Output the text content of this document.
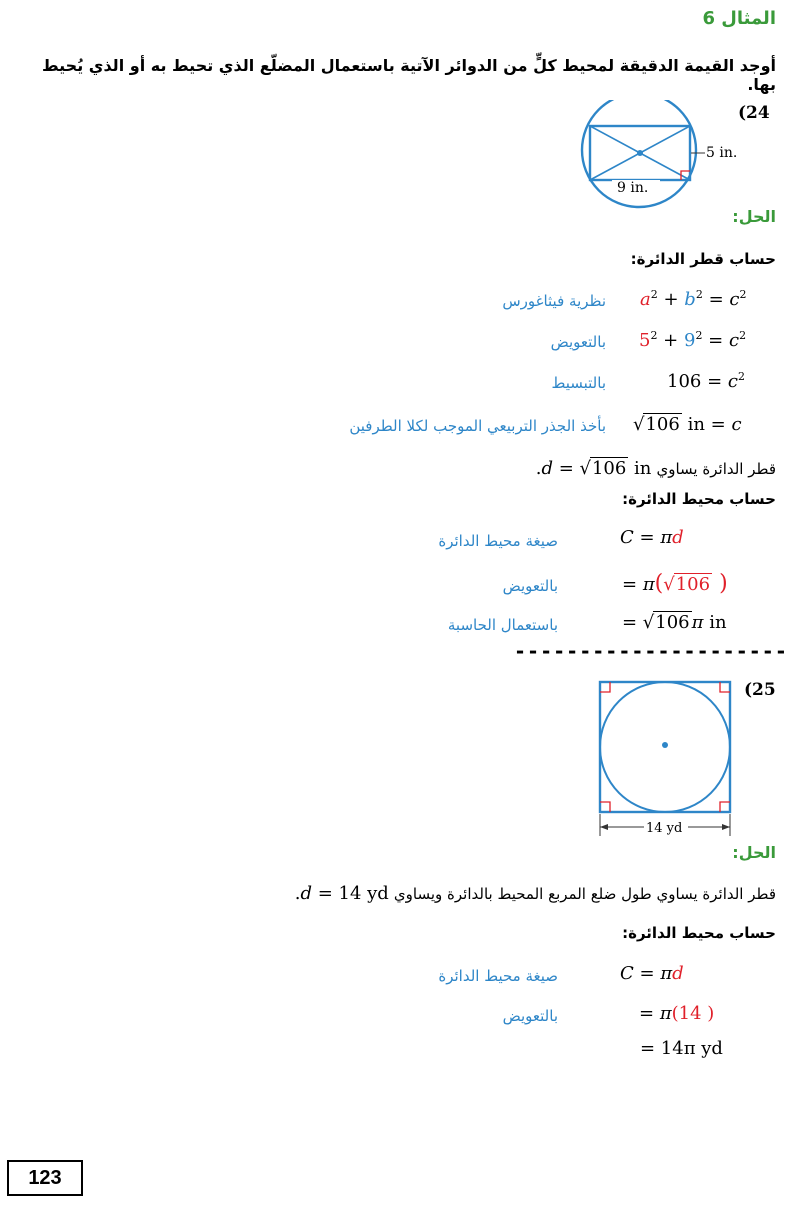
المثال 6
أوجد القيمة الدقيقة لمحيط كلٍّ من الدوائر الآتية باستعمال المضلّع الذي تحيط به أو الذي يُحيط بها.
(24
5 in.
9 in.
الحل:
حساب قطر الدائرة:
$a^2 + b^2 = c^2$
نظرية فيثاغورس
$5^2 + 9^2 = c^2$
بالتعويض
$106 = c^2$
بالتبسيط
√106 in = c
بأخذ الجذر التربيعي الموجب لكلا الطرفين
.d = √106 in قطر الدائرة يساوي
حساب محيط الدائرة:
C = πd
صيغة محيط الدائرة
= π(√106 )
بالتعويض
= √106 π in
باستعمال الحاسبة
---------------------
(25
14 yd
الحل:
.d = 14 yd قطر الدائرة يساوي طول ضلع المربع المحيط بالدائرة ويساوي
حساب محيط الدائرة:
C = πd
صيغة محيط الدائرة
= π(14 )
بالتعويض
= 14π yd
123
